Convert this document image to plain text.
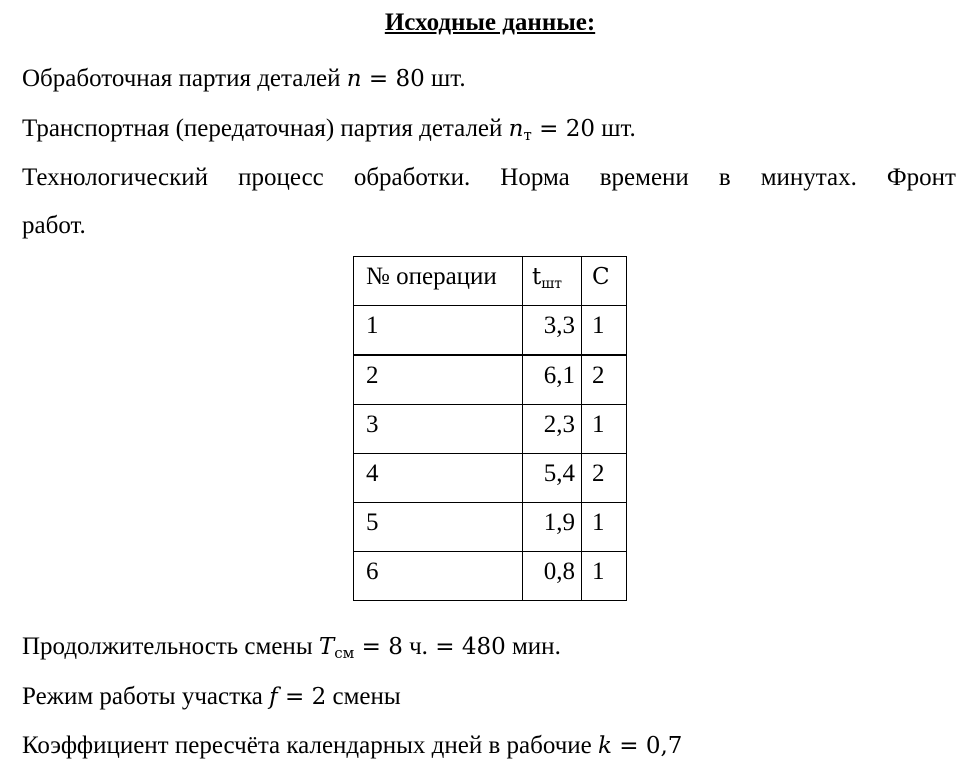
Исходные данные:
Обработочная партия деталей n = 80 шт.
Транспортная (передаточная) партия деталей $n_т = 20$ шт.
Технологический процесс обработки. Норма времени в минутах. Фронт
работ.
№ операции	$t_{шт}$	C

1	3,3	1

2	6,1	2

3	2,3	1

4	5,4	2

5	1,9	1

6	0,8	1
Продолжительность смены $T_{см} = 8$ ч. = 480 мин.
Режим работы участка f = 2 смены
Коэффициент пересчёта календарных дней в рабочие k = 0,7
